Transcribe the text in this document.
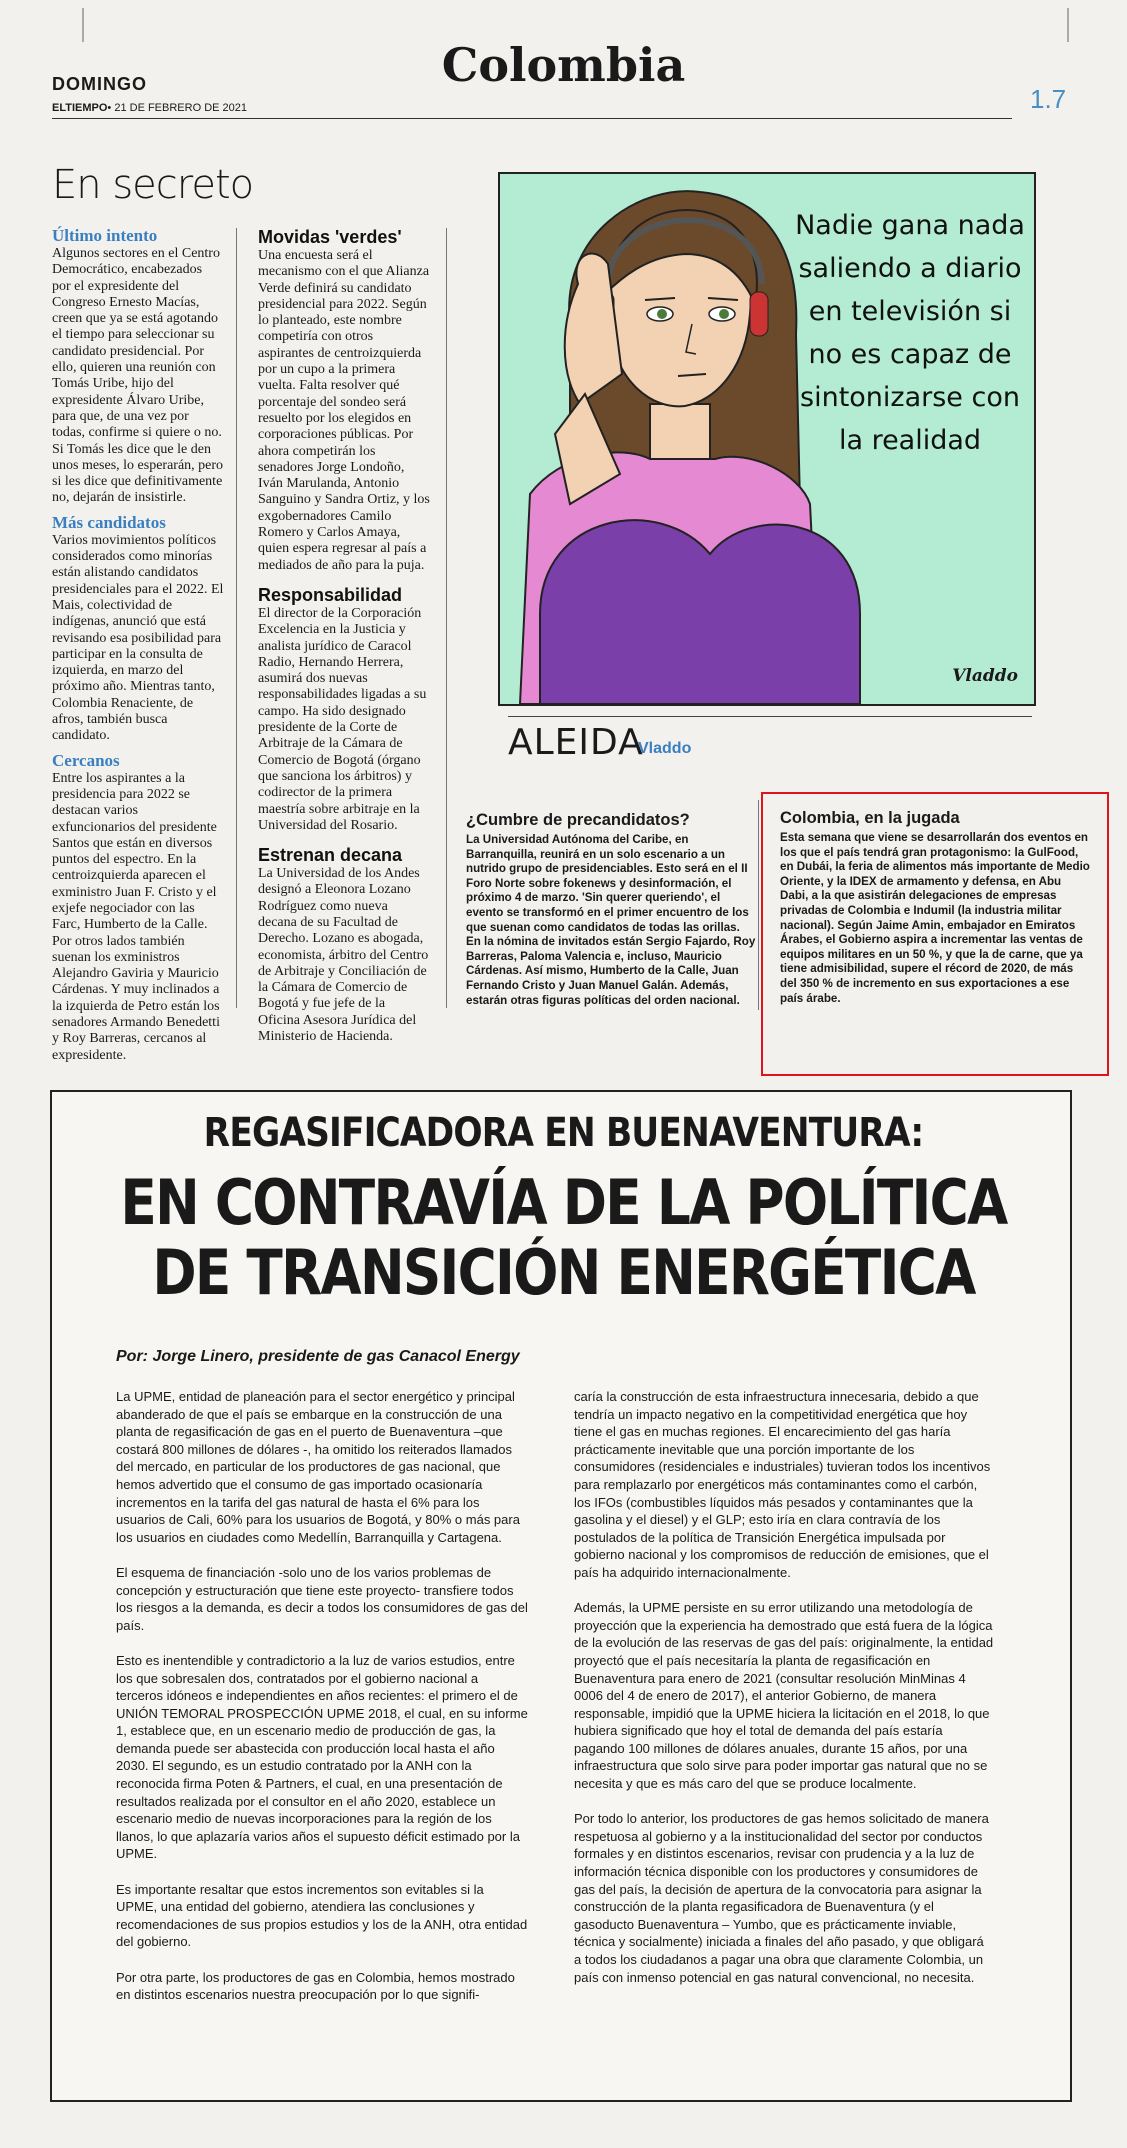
DOMINGO
ELTIEMPO• 21 DE FEBRERO DE 2021
Colombia
1.7
En secreto
Último intento

Algunos sectores en el Centro Democrático, encabezados por el expresidente del Congreso Ernesto Macías, creen que ya se está agotando el tiempo para seleccionar su candidato presidencial. Por ello, quieren una reunión con Tomás Uribe, hijo del expresidente Álvaro Uribe, para que, de una vez por todas, confirme si quiere o no. Si Tomás les dice que le den unos meses, lo esperarán, pero si les dice que definitivamente no, dejarán de insistirle.

Más candidatos

Varios movimientos políticos considerados como minorías están alistando candidatos presidenciales para el 2022. El Mais, colectividad de indígenas, anunció que está revisando esa posibilidad para participar en la consulta de izquierda, en marzo del próximo año. Mientras tanto, Colombia Renaciente, de afros, también busca candidato.

Cercanos

Entre los aspirantes a la presidencia para 2022 se destacan varios exfuncionarios del presidente Santos que están en diversos puntos del espectro. En la centroizquierda aparecen el exministro Juan F. Cristo y el exjefe negociador con las Farc, Humberto de la Calle. Por otros lados también suenan los exministros Alejandro Gaviria y Mauricio Cárdenas. Y muy inclinados a la izquierda de Petro están los senadores Armando Benedetti y Roy Barreras, cercanos al expresidente.

Movidas 'verdes'

Una encuesta será el mecanismo con el que Alianza Verde definirá su candidato presidencial para 2022. Según lo planteado, este nombre competiría con otros aspirantes de centroizquierda por un cupo a la primera vuelta. Falta resolver qué porcentaje del sondeo será resuelto por los elegidos en corporaciones públicas. Por ahora competirán los senadores Jorge Londoño, Iván Marulanda, Antonio Sanguino y Sandra Ortiz, y los exgobernadores Camilo Romero y Carlos Amaya, quien espera regresar al país a mediados de año para la puja.

Responsabilidad

El director de la Corporación Excelencia en la Justicia y analista jurídico de Caracol Radio, Hernando Herrera, asumirá dos nuevas responsabilidades ligadas a su campo. Ha sido designado presidente de la Corte de Arbitraje de la Cámara de Comercio de Bogotá (órgano que sanciona los árbitros) y codirector de la primera maestría sobre arbitraje en la Universidad del Rosario.

Estrenan decana

La Universidad de los Andes designó a Eleonora Lozano Rodríguez como nueva decana de su Facultad de Derecho. Lozano es abogada, economista, árbitro del Centro de Arbitraje y Conciliación de la Cámara de Comercio de Bogotá y fue jefe de la Oficina Asesora Jurídica del Ministerio de Hacienda.

Nadie gana nada saliendo a diario en televisión si no es capaz de sintonizarse con la realidad
Vladdo
ALEIDA
Vladdo
¿Cumbre de precandidatos?
La Universidad Autónoma del Caribe, en Barranquilla, reunirá en un solo escenario a un nutrido grupo de presidenciables. Esto será en el II Foro Norte sobre fokenews y desinformación, el próximo 4 de marzo. 'Sin querer queriendo', el evento se transformó en el primer encuentro de los que suenan como candidatos de todas las orillas. En la nómina de invitados están Sergio Fajardo, Roy Barreras, Paloma Valencia e, incluso, Mauricio Cárdenas. Así mismo, Humberto de la Calle, Juan Fernando Cristo y Juan Manuel Galán. Además, estarán otras figuras políticas del orden nacional.
Colombia, en la jugada
Esta semana que viene se desarrollarán dos eventos en los que el país tendrá gran protagonismo: la GulFood, en Dubái, la feria de alimentos más importante de Medio Oriente, y la IDEX de armamento y defensa, en Abu Dabi, a la que asistirán delegaciones de empresas privadas de Colombia e Indumil (la industria militar nacional). Según Jaime Amin, embajador en Emiratos Árabes, el Gobierno aspira a incrementar las ventas de equipos militares en un 50 %, y que la de carne, que ya tiene admisibilidad, supere el récord de 2020, de más del 350 % de incremento en sus exportaciones a ese país árabe.
REGASIFICADORA EN BUENAVENTURA:
EN CONTRAVÍA DE LA POLÍTICA
DE TRANSICIÓN ENERGÉTICA
Por: Jorge Linero, presidente de gas Canacol Energy

La UPME, entidad de planeación para el sector energético y principal abanderado de que el país se embarque en la construcción de una planta de regasificación de gas en el puerto de Buenaventura –que costará 800 millones de dólares -, ha omitido los reiterados llamados del mercado, en particular de los productores de gas nacional, que hemos advertido que el consumo de gas importado ocasionaría incrementos en la tarifa del gas natural de hasta el 6% para los usuarios de Cali, 60% para los usuarios de Bogotá, y 80% o más para los usuarios en ciudades como Medellín, Barranquilla y Cartagena.

El esquema de financiación -solo uno de los varios problemas de concepción y estructuración que tiene este proyecto- transfiere todos los riesgos a la demanda, es decir a todos los consumidores de gas del país.

Esto es inentendible y contradictorio a la luz de varios estudios, entre los que sobresalen dos, contratados por el gobierno nacional a terceros idóneos e independientes en años recientes: el primero el de UNIÓN TEMORAL PROSPECCIÓN UPME 2018, el cual, en su informe 1, establece que, en un escenario medio de producción de gas, la demanda puede ser abastecida con producción local hasta el año 2030. El segundo, es un estudio contratado por la ANH con la reconocida firma Poten & Partners, el cual, en una presentación de resultados realizada por el consultor en el año 2020, establece un escenario medio de nuevas incorporaciones para la región de los llanos, lo que aplazaría varios años el supuesto déficit estimado por la UPME.

Es importante resaltar que estos incrementos son evitables si la UPME, una entidad del gobierno, atendiera las conclusiones y recomendaciones de sus propios estudios y los de la ANH, otra entidad del gobierno.

Por otra parte, los productores de gas en Colombia, hemos mostrado en distintos escenarios nuestra preocupación por lo que signifi-

caría la construcción de esta infraestructura innecesaria, debido a que tendría un impacto negativo en la competitividad energética que hoy tiene el gas en muchas regiones. El encarecimiento del gas haría prácticamente inevitable que una porción importante de los consumidores (residenciales e industriales) tuvieran todos los incentivos para remplazarlo por energéticos más contaminantes como el carbón, los IFOs (combustibles líquidos más pesados y contaminantes que la gasolina y el diesel) y el GLP; esto iría en clara contravía de los postulados de la política de Transición Energética impulsada por gobierno nacional y los compromisos de reducción de emisiones, que el país ha adquirido internacionalmente.

Además, la UPME persiste en su error utilizando una metodología de proyección que la experiencia ha demostrado que está fuera de la lógica de la evolución de las reservas de gas del país: originalmente, la entidad proyectó que el país necesitaría la planta de regasificación en Buenaventura para enero de 2021 (consultar resolución MinMinas 4 0006 del 4 de enero de 2017), el anterior Gobierno, de manera responsable, impidió que la UPME hiciera la licitación en el 2018, lo que hubiera significado que hoy el total de demanda del país estaría pagando 100 millones de dólares anuales, durante 15 años, por una infraestructura que solo sirve para poder importar gas natural que no se necesita y que es más caro del que se produce localmente.

Por todo lo anterior, los productores de gas hemos solicitado de manera respetuosa al gobierno y a la institucionalidad del sector por conductos formales y en distintos escenarios, revisar con prudencia y a la luz de información técnica disponible con los productores y consumidores de gas del país, la decisión de apertura de la convocatoria para asignar la construcción de la planta regasificadora de Buenaventura (y el gasoducto Buenaventura – Yumbo, que es prácticamente inviable, técnica y socialmente) iniciada a finales del año pasado, y que obligará a todos los ciudadanos a pagar una obra que claramente Colombia, un país con inmenso potencial en gas natural convencional, no necesita.
